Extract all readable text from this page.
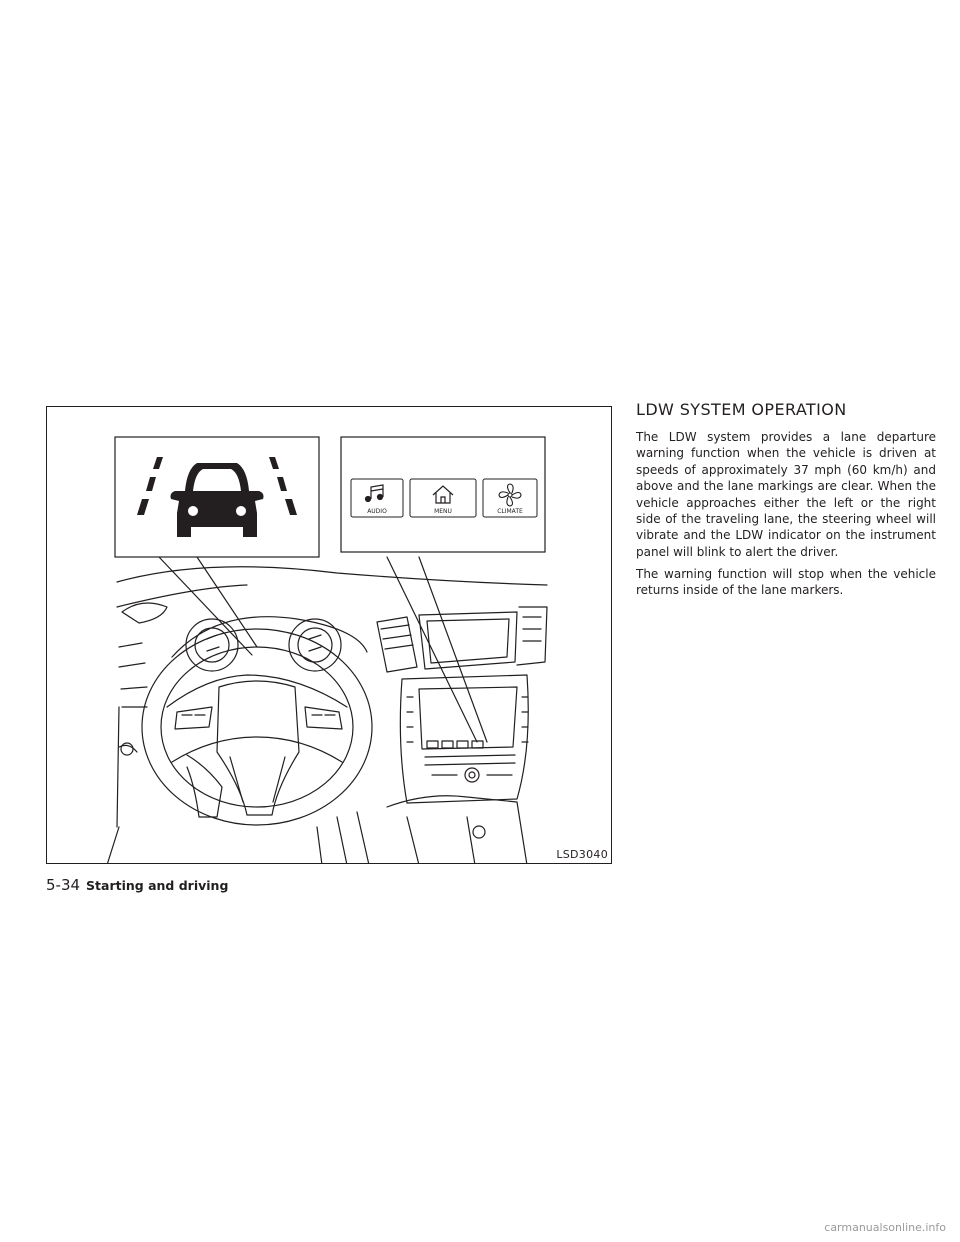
AUDIO	MENU	CLIMATE
LSD3040
LDW SYSTEM OPERATION

The LDW system provides a lane departure warning function when the vehicle is driven at speeds of approximately 37 mph (60 km/h) and above and the lane markings are clear. When the vehicle approaches either the left or the right side of the traveling lane, the steering wheel will vibrate and the LDW indicator on the instrument panel will blink to alert the driver.

The warning function will stop when the vehicle returns inside of the lane markers.

5-34 Starting and driving
carmanualsonline.info
